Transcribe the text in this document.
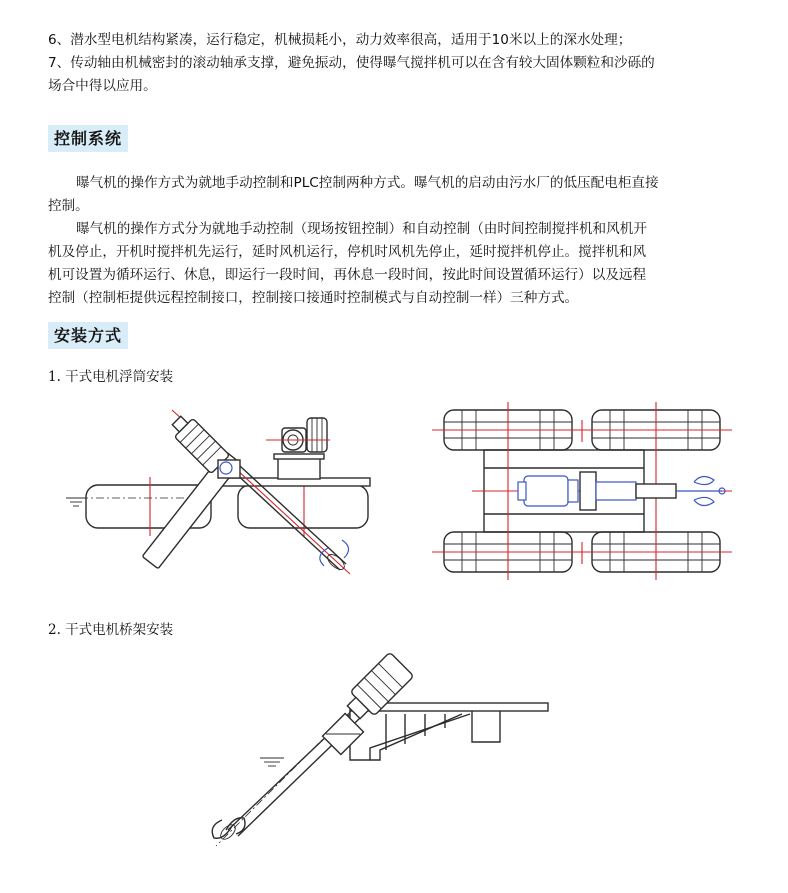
6、潜水型电机结构紧凑，运行稳定，机械损耗小，动力效率很高，适用于10米以上的深水处理；

7、传动轴由机械密封的滚动轴承支撑，避免振动，使得曝气搅拌机可以在含有较大固体颗粒和沙砾的

场合中得以应用。

控制系统

曝气机的操作方式为就地手动控制和PLC控制两种方式。曝气机的启动由污水厂的低压配电柜直接

控制。

曝气机的操作方式分为就地手动控制（现场按钮控制）和自动控制（由时间控制搅拌机和风机开

机及停止，开机时搅拌机先运行，延时风机运行，停机时风机先停止，延时搅拌机停止。搅拌机和风

机可设置为循环运行、休息，即运行一段时间，再休息一段时间，按此时间设置循环运行）以及远程

控制（控制柜提供远程控制接口，控制接口接通时控制模式与自动控制一样）三种方式。

安装方式
1. 干式电机浮筒安装
2. 干式电机桥架安装
